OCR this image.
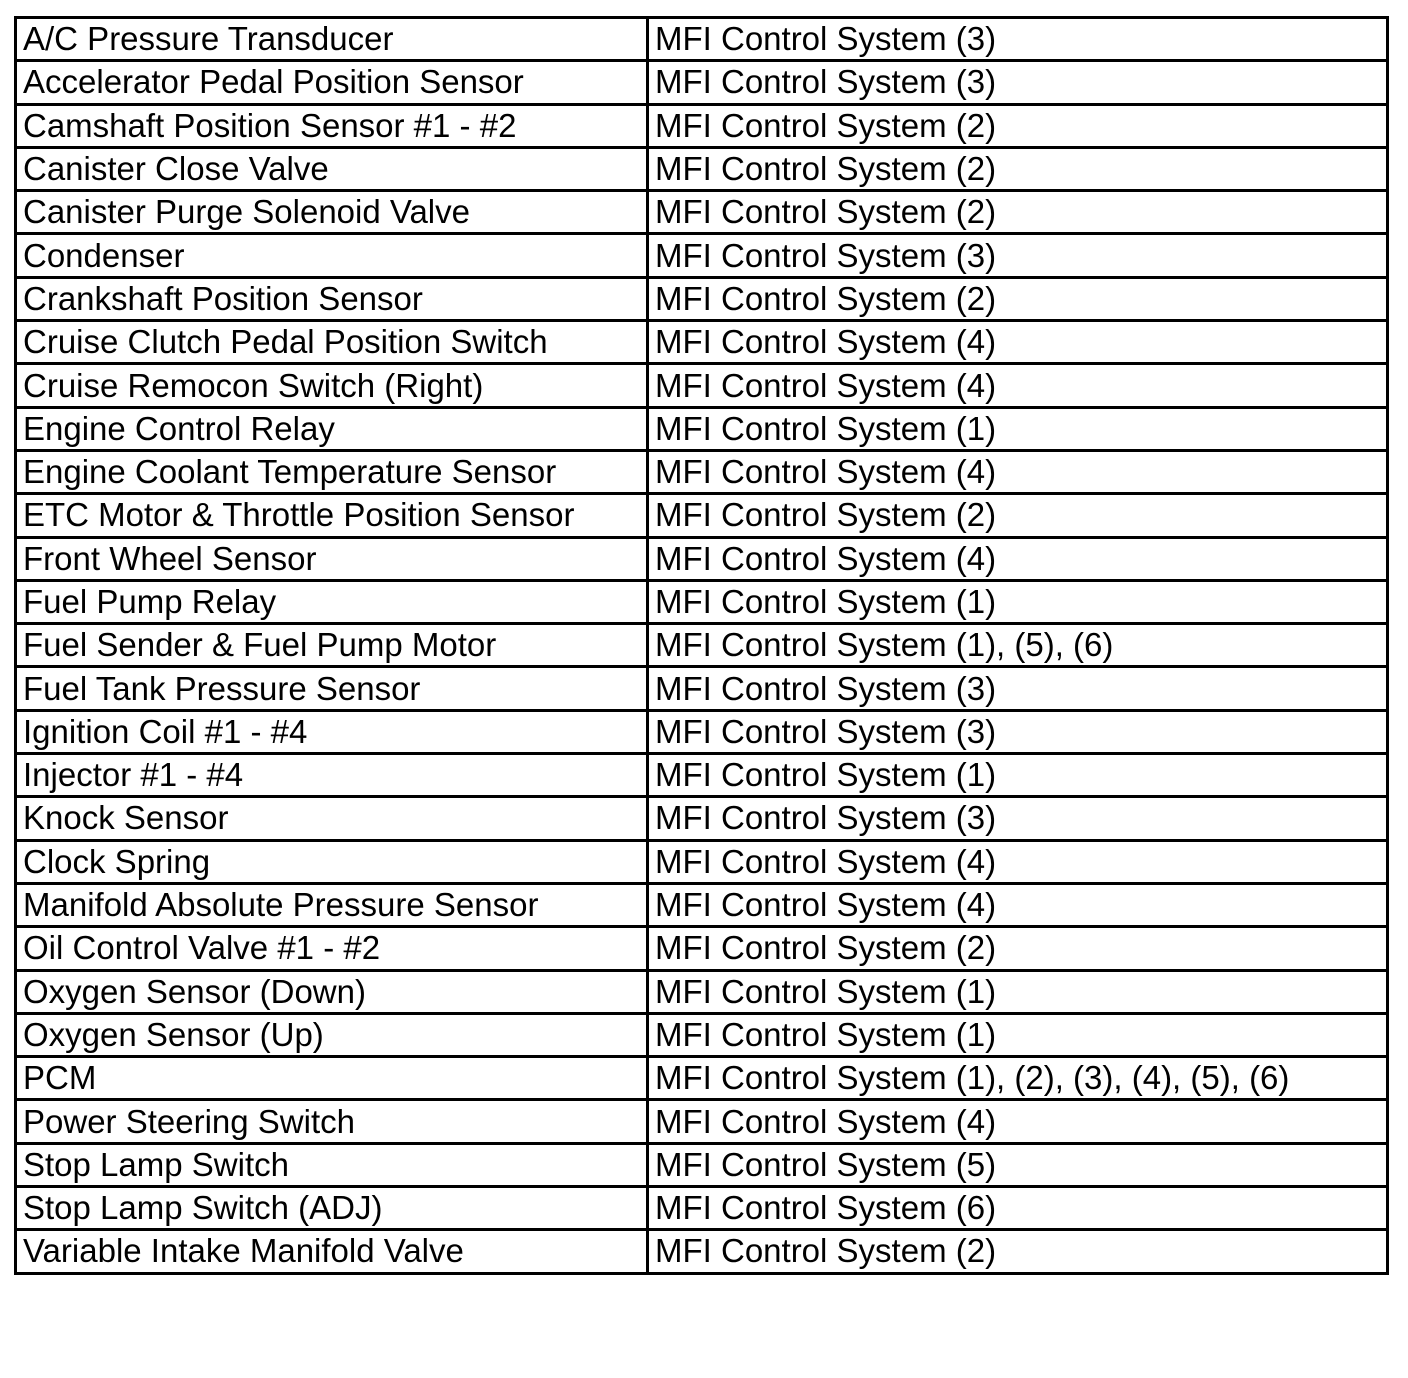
A/C Pressure Transducer	MFI Control System (3)
Accelerator Pedal Position Sensor	MFI Control System (3)
Camshaft Position Sensor #1 - #2	MFI Control System (2)
Canister Close Valve	MFI Control System (2)
Canister Purge Solenoid Valve	MFI Control System (2)
Condenser	MFI Control System (3)
Crankshaft Position Sensor	MFI Control System (2)
Cruise Clutch Pedal Position Switch	MFI Control System (4)
Cruise Remocon Switch (Right)	MFI Control System (4)
Engine Control Relay	MFI Control System (1)
Engine Coolant Temperature Sensor	MFI Control System (4)
ETC Motor & Throttle Position Sensor	MFI Control System (2)
Front Wheel Sensor	MFI Control System (4)
Fuel Pump Relay	MFI Control System (1)
Fuel Sender & Fuel Pump Motor	MFI Control System (1), (5), (6)
Fuel Tank Pressure Sensor	MFI Control System (3)
Ignition Coil #1 - #4	MFI Control System (3)
Injector #1 - #4	MFI Control System (1)
Knock Sensor	MFI Control System (3)
Clock Spring	MFI Control System (4)
Manifold Absolute Pressure Sensor	MFI Control System (4)
Oil Control Valve #1 - #2	MFI Control System (2)
Oxygen Sensor (Down)	MFI Control System (1)
Oxygen Sensor (Up)	MFI Control System (1)
PCM	MFI Control System (1), (2), (3), (4), (5), (6)
Power Steering Switch	MFI Control System (4)
Stop Lamp Switch	MFI Control System (5)
Stop Lamp Switch (ADJ)	MFI Control System (6)
Variable Intake Manifold Valve	MFI Control System (2)
